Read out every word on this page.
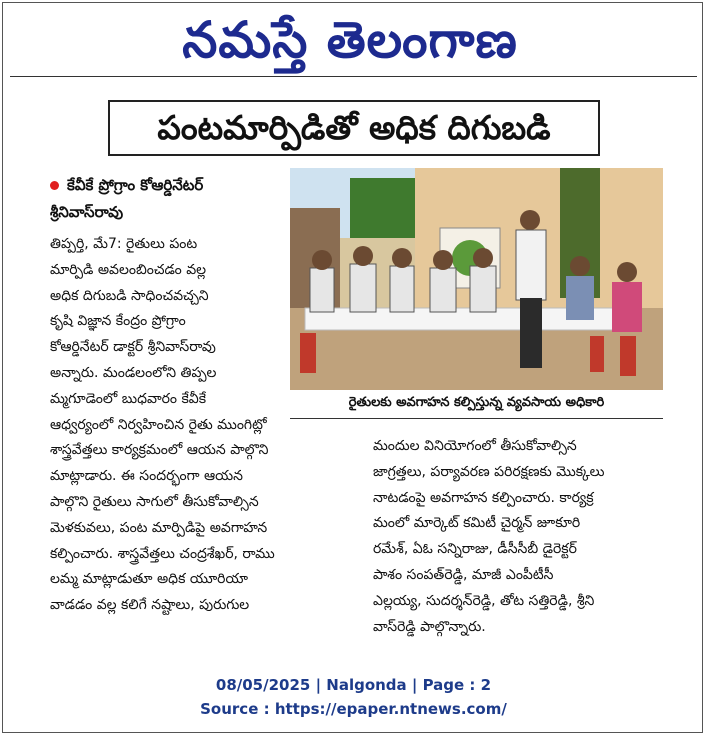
నమస్తే తెలంగాణ
పంటమార్పిడితో అధిక దిగుబడి
కేవీకే ప్రోగ్రాం కోఆర్డినేటర్
శ్రీనివాస్‌రావు

తిప్పర్తి, మే7: రైతులు పంట

మార్పిడి అవలంబించడం వల్ల

అధిక దిగుబడి సాధించవచ్చని

కృషి విజ్ఞాన కేంద్రం ప్రోగ్రాం

కోఆర్డినేటర్ డాక్టర్ శ్రీనివాస్‌రావు

అన్నారు. మండలంలోని తిప్పల

మ్మగూడెంలో బుధవారం కేవీకే

ఆధ్వర్యంలో నిర్వహించిన రైతు ముంగిట్లో

శాస్త్రవేత్తలు కార్యక్రమంలో ఆయన పాల్గొని

మాట్లాడారు. ఈ సందర్భంగా ఆయన

పాల్గొని రైతులు సాగులో తీసుకోవాల్సిన

మెళకువలు, పంట మార్పిడిపై అవగాహన

కల్పించారు. శాస్త్రవేత్తలు చంద్రశేఖర్, రాము

లమ్మ మాట్లాడుతూ అధిక యూరియా

వాడడం వల్ల కలిగే నష్టాలు, పురుగుల

రైతులకు అవగాహన కల్పిస్తున్న వ్యవసాయ అధికారి

మందుల వినియోగంలో తీసుకోవాల్సిన

జాగ్రత్తలు, పర్యావరణ పరిరక్షణకు మొక్కలు

నాటడంపై అవగాహన కల్పించారు. కార్యక్ర

మంలో మార్కెట్ కమిటీ చైర్మన్ జూకూరి

రమేశ్, ఏఓ సన్నిరాజు, డీసీసీబీ డైరెక్టర్

పాశం సంపత్‌రెడ్డి, మాజీ ఎంపీటీసీ

ఎల్లయ్య, సుదర్శన్‌రెడ్డి, తోట సత్తిరెడ్డి, శ్రీని

వాస్‌రెడ్డి పాల్గొన్నారు.

08/05/2025 | Nalgonda | Page : 2
Source : https://epaper.ntnews.com/
